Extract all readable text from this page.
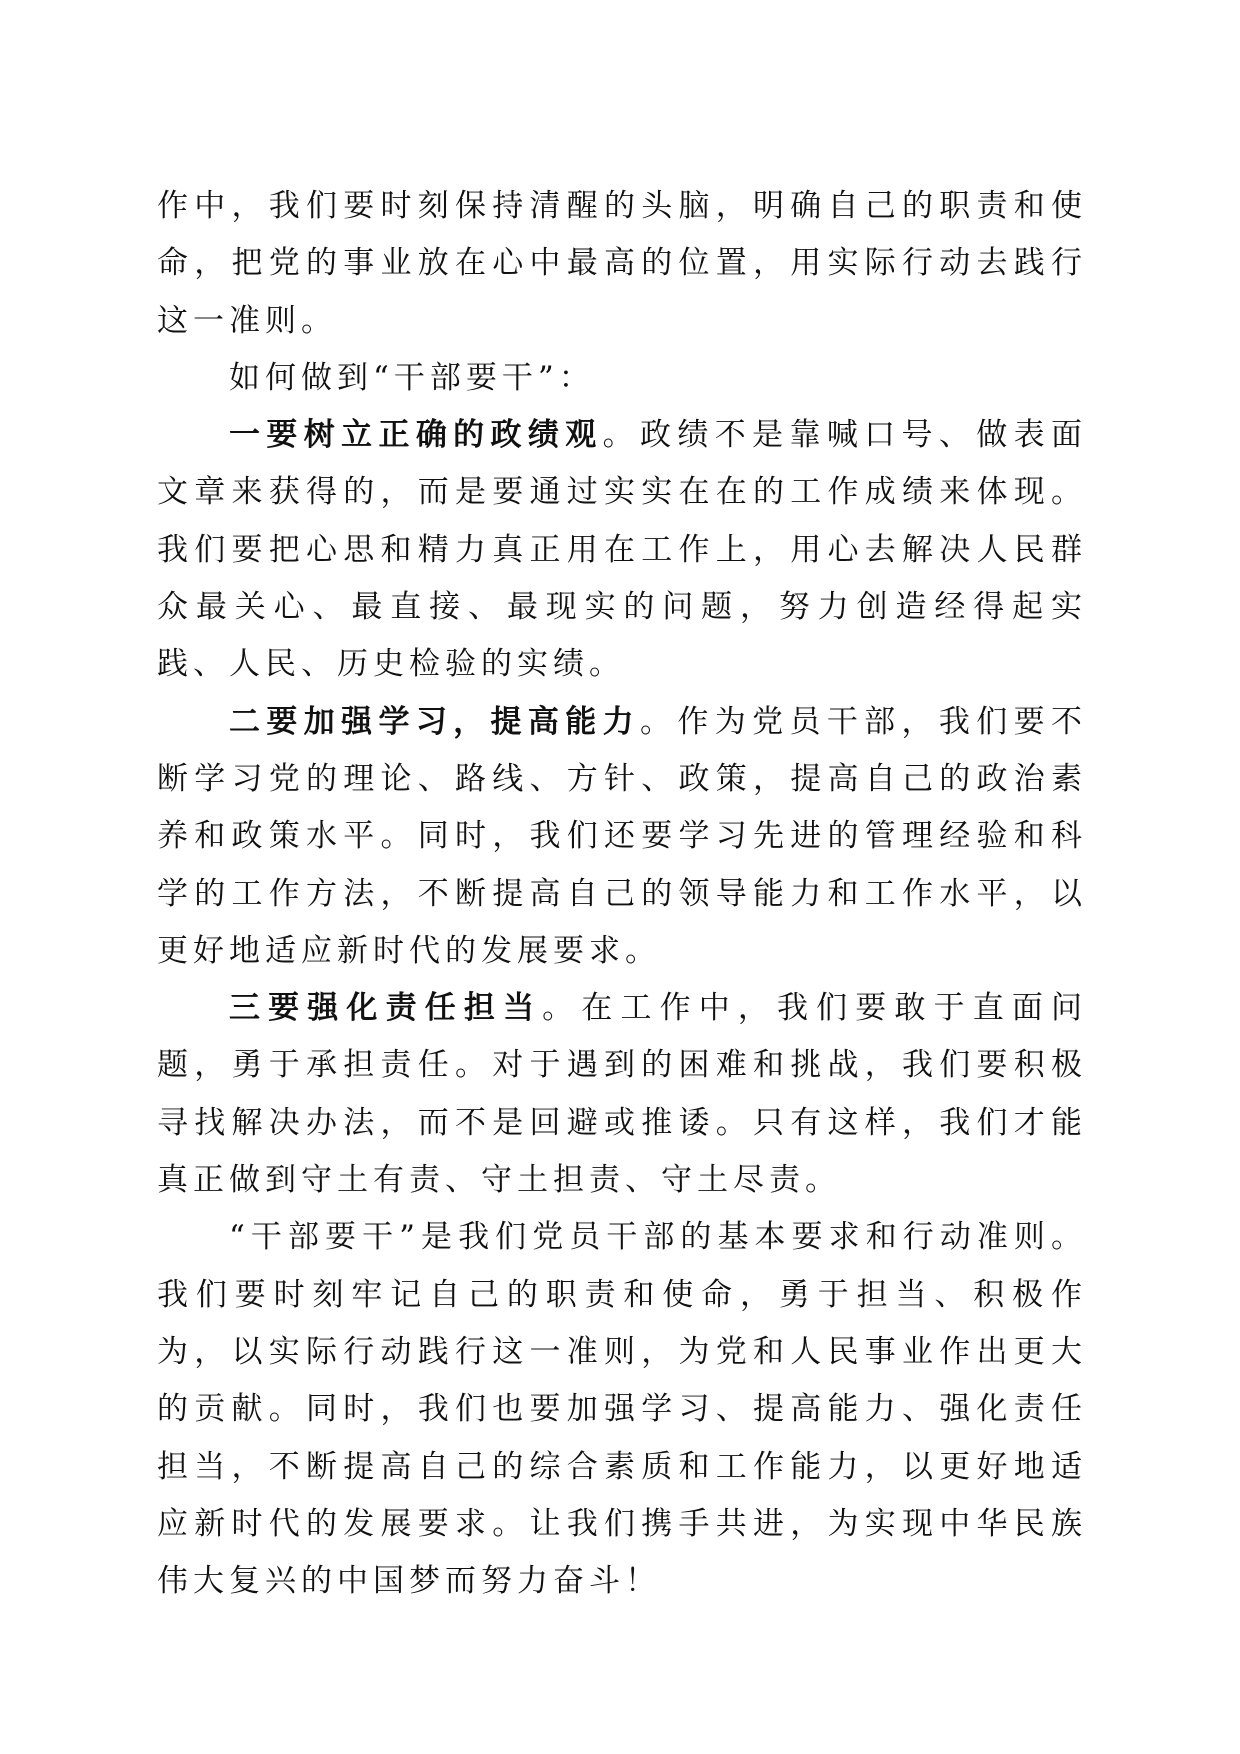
作中，我们要时刻保持清醒的头脑，明确自己的职责和使命，把党的事业放在心中最高的位置，用实际行动去践行这一准则。

如何做到“干部要干”：

一要树立正确的政绩观。政绩不是靠喊口号、做表面文章来获得的，而是要通过实实在在的工作成绩来体现。我们要把心思和精力真正用在工作上，用心去解决人民群众最关心、最直接、最现实的问题，努力创造经得起实践、人民、历史检验的实绩。

二要加强学习，提高能力。作为党员干部，我们要不断学习党的理论、路线、方针、政策，提高自己的政治素养和政策水平。同时，我们还要学习先进的管理经验和科学的工作方法，不断提高自己的领导能力和工作水平，以更好地适应新时代的发展要求。

三要强化责任担当。在工作中，我们要敢于直面问题，勇于承担责任。对于遇到的困难和挑战，我们要积极寻找解决办法，而不是回避或推诿。只有这样，我们才能真正做到守土有责、守土担责、守土尽责。

“干部要干”是我们党员干部的基本要求和行动准则。我们要时刻牢记自己的职责和使命，勇于担当、积极作为，以实际行动践行这一准则，为党和人民事业作出更大的贡献。同时，我们也要加强学习、提高能力、强化责任担当，不断提高自己的综合素质和工作能力，以更好地适应新时代的发展要求。让我们携手共进，为实现中华民族伟大复兴的中国梦而努力奋斗！
